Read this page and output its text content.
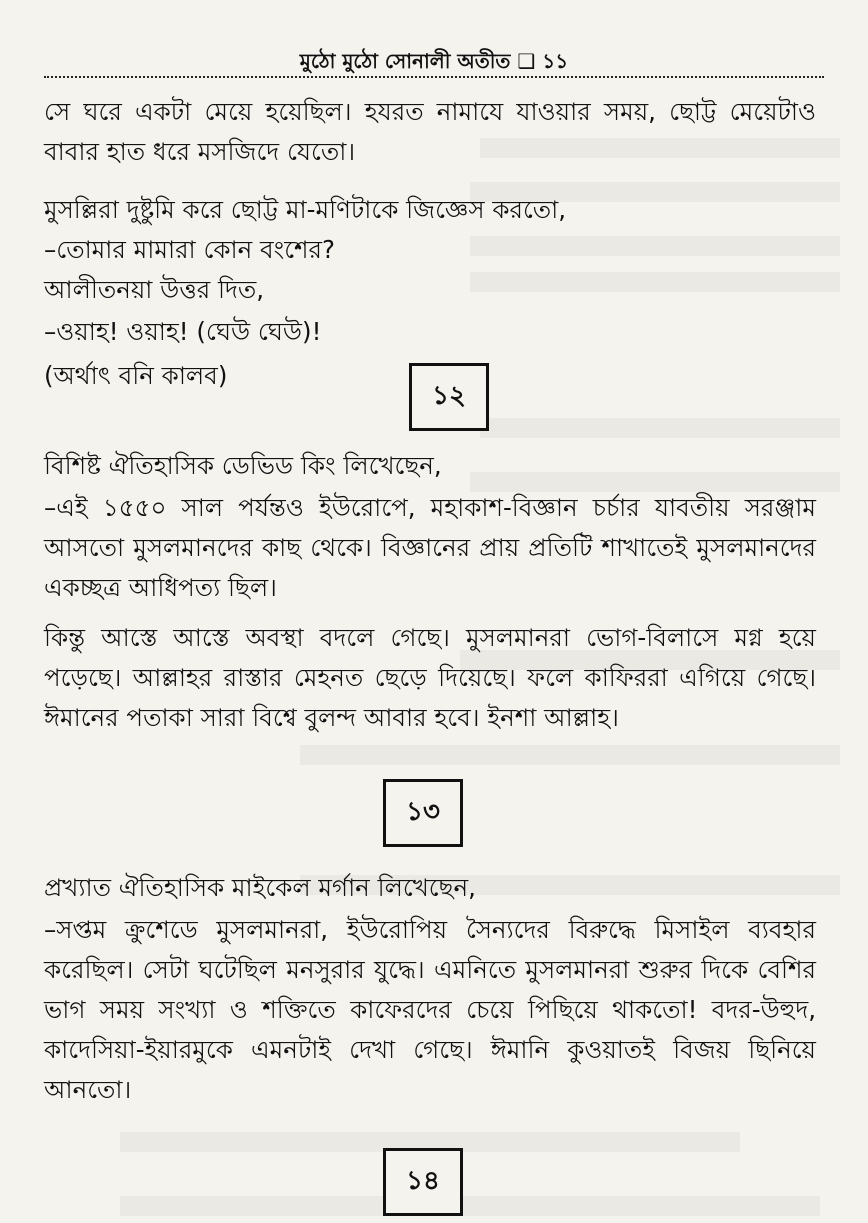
মুঠো মুঠো সোনালী অতীত ❑ ১১

সে ঘরে একটা মেয়ে হয়েছিল। হযরত নামাযে যাওয়ার সময়, ছোট্ট মেয়েটাও বাবার হাত ধরে মসজিদে যেতো।

মুসল্লিরা দুষ্টুমি করে ছোট্ট মা-মণিটাকে জিজ্ঞেস করতো,

–তোমার মামারা কোন বংশের?

আলীতনয়া উত্তর দিত,

–ওয়াহ! ওয়াহ! (ঘেউ ঘেউ)!

(অর্থাৎ বনি কালব)

১২

বিশিষ্ট ঐতিহাসিক ডেভিড কিং লিখেছেন,

–এই ১৫৫০ সাল পর্যন্তও ইউরোপে, মহাকাশ-বিজ্ঞান চর্চার যাবতীয় সরঞ্জাম আসতো মুসলমানদের কাছ থেকে। বিজ্ঞানের প্রায় প্রতিটি শাখাতেই মুসলমানদের একচ্ছত্র আধিপত্য ছিল।

কিন্তু আস্তে আস্তে অবস্থা বদলে গেছে। মুসলমানরা ভোগ-বিলাসে মগ্ন হয়ে পড়েছে। আল্লাহর রাস্তার মেহনত ছেড়ে দিয়েছে। ফলে কাফিররা এগিয়ে গেছে। ঈমানের পতাকা সারা বিশ্বে বুলন্দ আবার হবে। ইনশা আল্লাহ।

১৩

প্রখ্যাত ঐতিহাসিক মাইকেল মর্গান লিখেছেন,

–সপ্তম ক্রুশেডে মুসলমানরা, ইউরোপিয় সৈন্যদের বিরুদ্ধে মিসাইল ব্যবহার করেছিল। সেটা ঘটেছিল মনসুরার যুদ্ধে। এমনিতে মুসলমানরা শুরুর দিকে বেশির ভাগ সময় সংখ্যা ও শক্তিতে কাফেরদের চেয়ে পিছিয়ে থাকতো! বদর-উহুদ, কাদেসিয়া-ইয়ারমুকে এমনটাই দেখা গেছে। ঈমানি কুওয়াতই বিজয় ছিনিয়ে আনতো।

১৪
